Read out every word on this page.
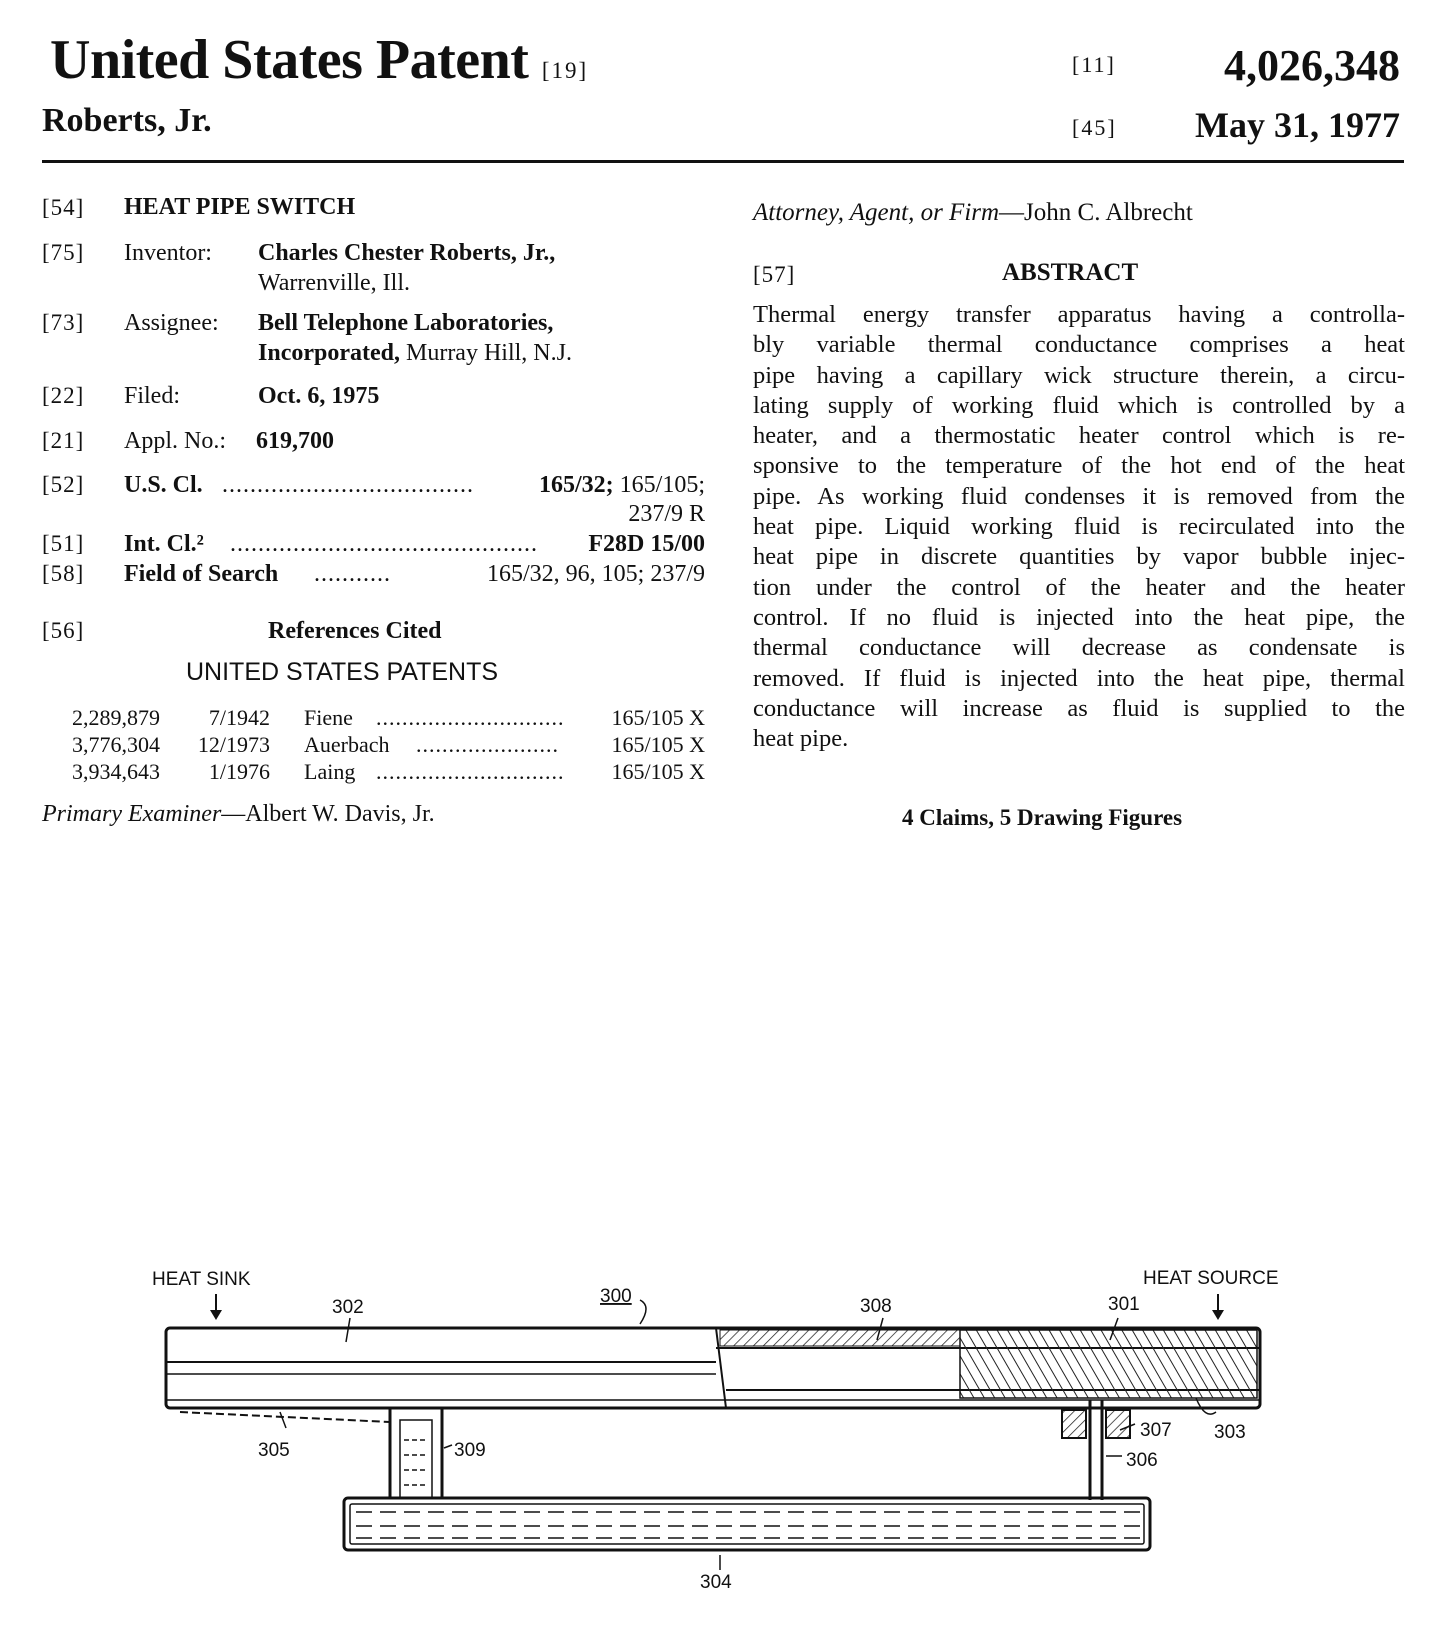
United States Patent [19]
Roberts, Jr.
[11] 4,026,348
[45] May 31, 1977
[54] HEAT PIPE SWITCH
[75] Inventor: Charles Chester Roberts, Jr.,
Warrenville, Ill.
[73] Assignee: Bell Telephone Laboratories,
Incorporated, Murray Hill, N.J.
[22] Filed:	Oct. 6, 1975
[21] Appl. No.: 619,700
[52] U.S. Cl. ....................................	165/32; 165/105;
237/9 R
[51] Int. Cl.² ............................................ F28D 15/00
[58] Field of Search ...........	165/32, 96, 105; 237/9
[56]	References Cited
UNITED STATES PATENTS
2,289,879 7/1942 Fiene ............................. 165/105 X
3,776,304 12/1973 Auerbach ...................... 165/105 X
3,934,643 1/1976 Laing ............................. 165/105 X
Primary Examiner—Albert W. Davis, Jr.
Attorney, Agent, or Firm—John C. Albrecht
[57]	ABSTRACT
Thermal energy transfer apparatus having a controlla-
bly variable thermal conductance comprises a heat
pipe having a capillary wick structure therein, a circu-
lating supply of working fluid which is controlled by a
heater, and a thermostatic heater control which is re-
sponsive to the temperature of the hot end of the heat
pipe. As working fluid condenses it is removed from the
heat pipe. Liquid working fluid is recirculated into the
heat pipe in discrete quantities by vapor bubble injec-
tion under the control of the heater and the heater
control. If no fluid is injected into the heat pipe, the
thermal conductance will decrease as condensate is
removed. If fluid is injected into the heat pipe, thermal
conductance will increase as fluid is supplied to the
heat pipe.
4 Claims, 5 Drawing Figures
HEAT SINK	HEAT SOURCE
302
300	308	301
303
307
306
305	309
304
